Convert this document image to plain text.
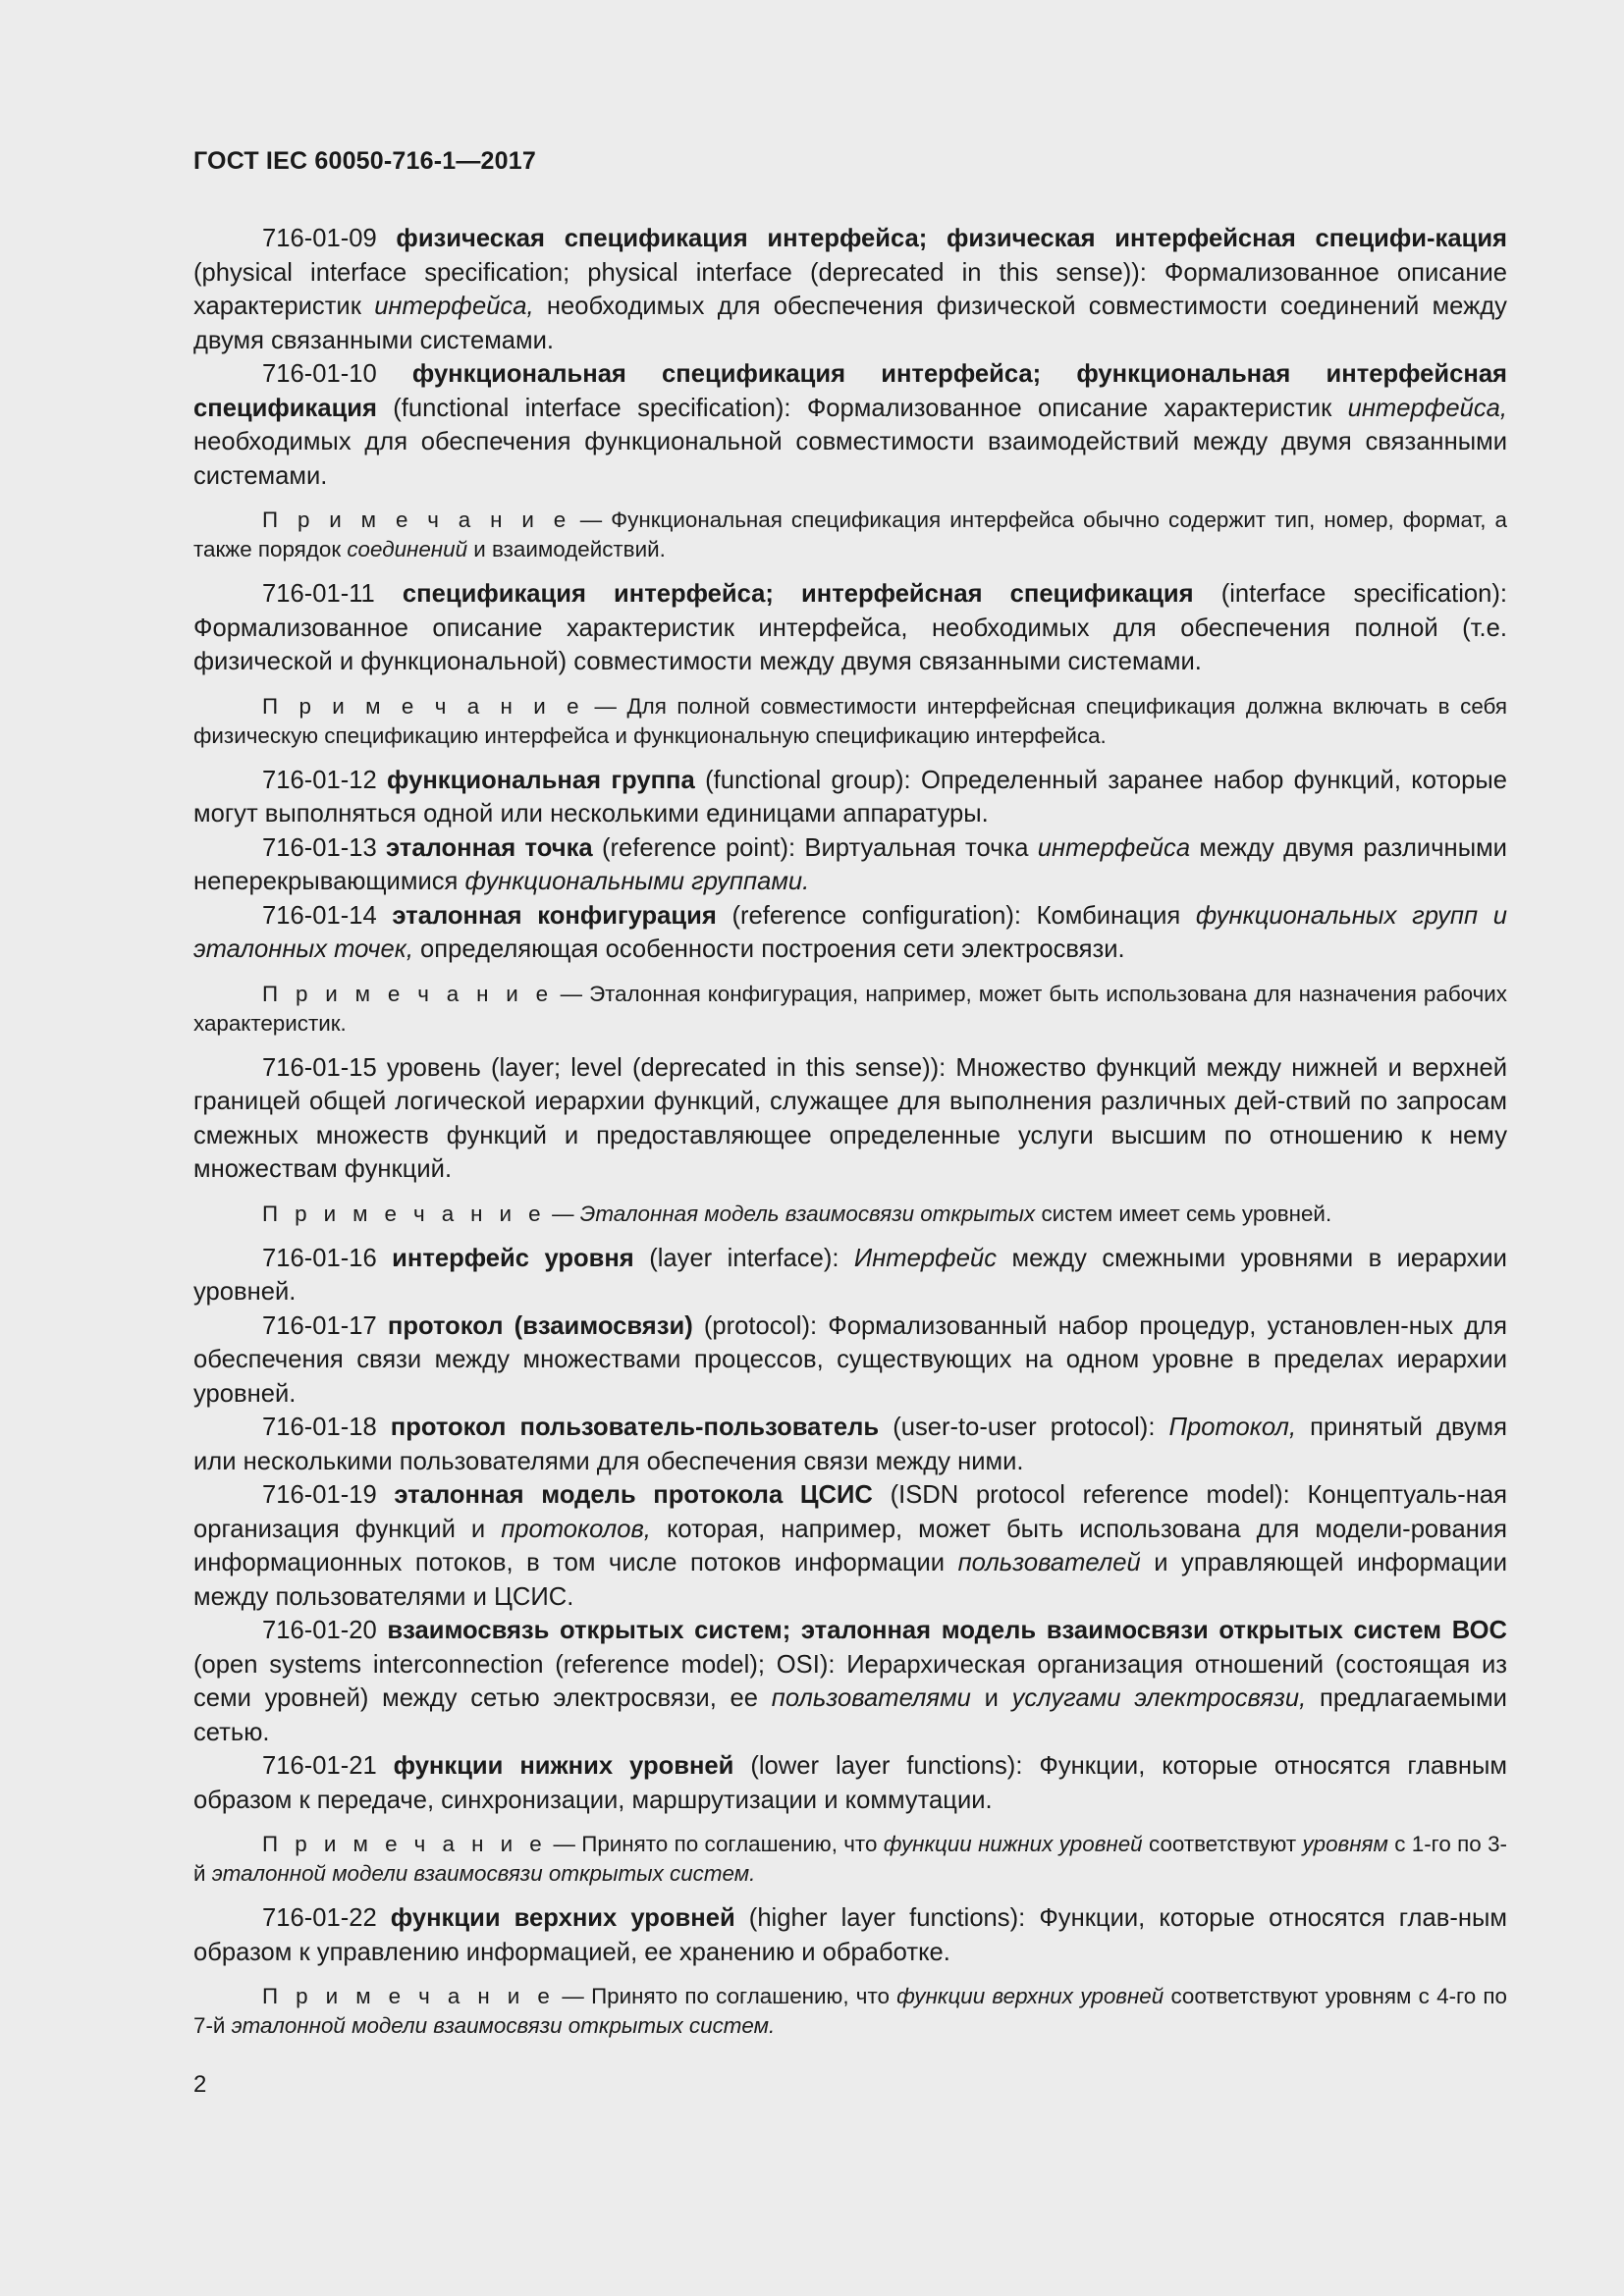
ГОСТ IEC 60050-716-1—2017

716-01-09 физическая спецификация интерфейса; физическая интерфейсная специфи-кация (physical interface specification; physical interface (deprecated in this sense)): Формализованное описание характеристик интерфейса, необходимых для обеспечения физической совместимости соединений между двумя связанными системами.

716-01-10 функциональная спецификация интерфейса; функциональная интерфейсная спецификация (functional interface specification): Формализованное описание характеристик интерфейса, необходимых для обеспечения функциональной совместимости взаимодействий между двумя связанными системами.

П р и м е ч а н и е — Функциональная спецификация интерфейса обычно содержит тип, номер, формат, а также порядок соединений и взаимодействий.

716-01-11 спецификация интерфейса; интерфейсная спецификация (interface specification): Формализованное описание характеристик интерфейса, необходимых для обеспечения полной (т.е. физической и функциональной) совместимости между двумя связанными системами.

П р и м е ч а н и е — Для полной совместимости интерфейсная спецификация должна включать в себя физическую спецификацию интерфейса и функциональную спецификацию интерфейса.

716-01-12 функциональная группа (functional group): Определенный заранее набор функций, которые могут выполняться одной или несколькими единицами аппаратуры.

716-01-13 эталонная точка (reference point): Виртуальная точка интерфейса между двумя различными неперекрывающимися функциональными группами.

716-01-14 эталонная конфигурация (reference configuration): Комбинация функциональных групп и эталонных точек, определяющая особенности построения сети электросвязи.

П р и м е ч а н и е — Эталонная конфигурация, например, может быть использована для назначения рабочих характеристик.

716-01-15 уровень (layer; level (deprecated in this sense)): Множество функций между нижней и верхней границей общей логической иерархии функций, служащее для выполнения различных дей-ствий по запросам смежных множеств функций и предоставляющее определенные услуги высшим по отношению к нему множествам функций.

П р и м е ч а н и е — Эталонная модель взаимосвязи открытых систем имеет семь уровней.

716-01-16 интерфейс уровня (layer interface): Интерфейс между смежными уровнями в иерархии уровней.

716-01-17 протокол (взаимосвязи) (protocol): Формализованный набор процедур, установлен-ных для обеспечения связи между множествами процессов, существующих на одном уровне в пределах иерархии уровней.

716-01-18 протокол пользователь-пользователь (user-to-user protocol): Протокол, принятый двумя или несколькими пользователями для обеспечения связи между ними.

716-01-19 эталонная модель протокола ЦСИС (ISDN protocol reference model): Концептуаль-ная организация функций и протоколов, которая, например, может быть использована для модели-рования информационных потоков, в том числе потоков информации пользователей и управляющей информации между пользователями и ЦСИС.

716-01-20 взаимосвязь открытых систем; эталонная модель взаимосвязи открытых систем ВОС (open systems interconnection (reference model); OSI): Иерархическая организация отношений (состоящая из семи уровней) между сетью электросвязи, ее пользователями и услугами электросвязи, предлагаемыми сетью.

716-01-21 функции нижних уровней (lower layer functions): Функции, которые относятся главным образом к передаче, синхронизации, маршрутизации и коммутации.

П р и м е ч а н и е — Принято по соглашению, что функции нижних уровней соответствуют уровням с 1-го по 3-й эталонной модели взаимосвязи открытых систем.

716-01-22 функции верхних уровней (higher layer functions): Функции, которые относятся глав-ным образом к управлению информацией, ее хранению и обработке.

П р и м е ч а н и е — Принято по соглашению, что функции верхних уровней соответствуют уровням с 4-го по 7-й эталонной модели взаимосвязи открытых систем.

2
